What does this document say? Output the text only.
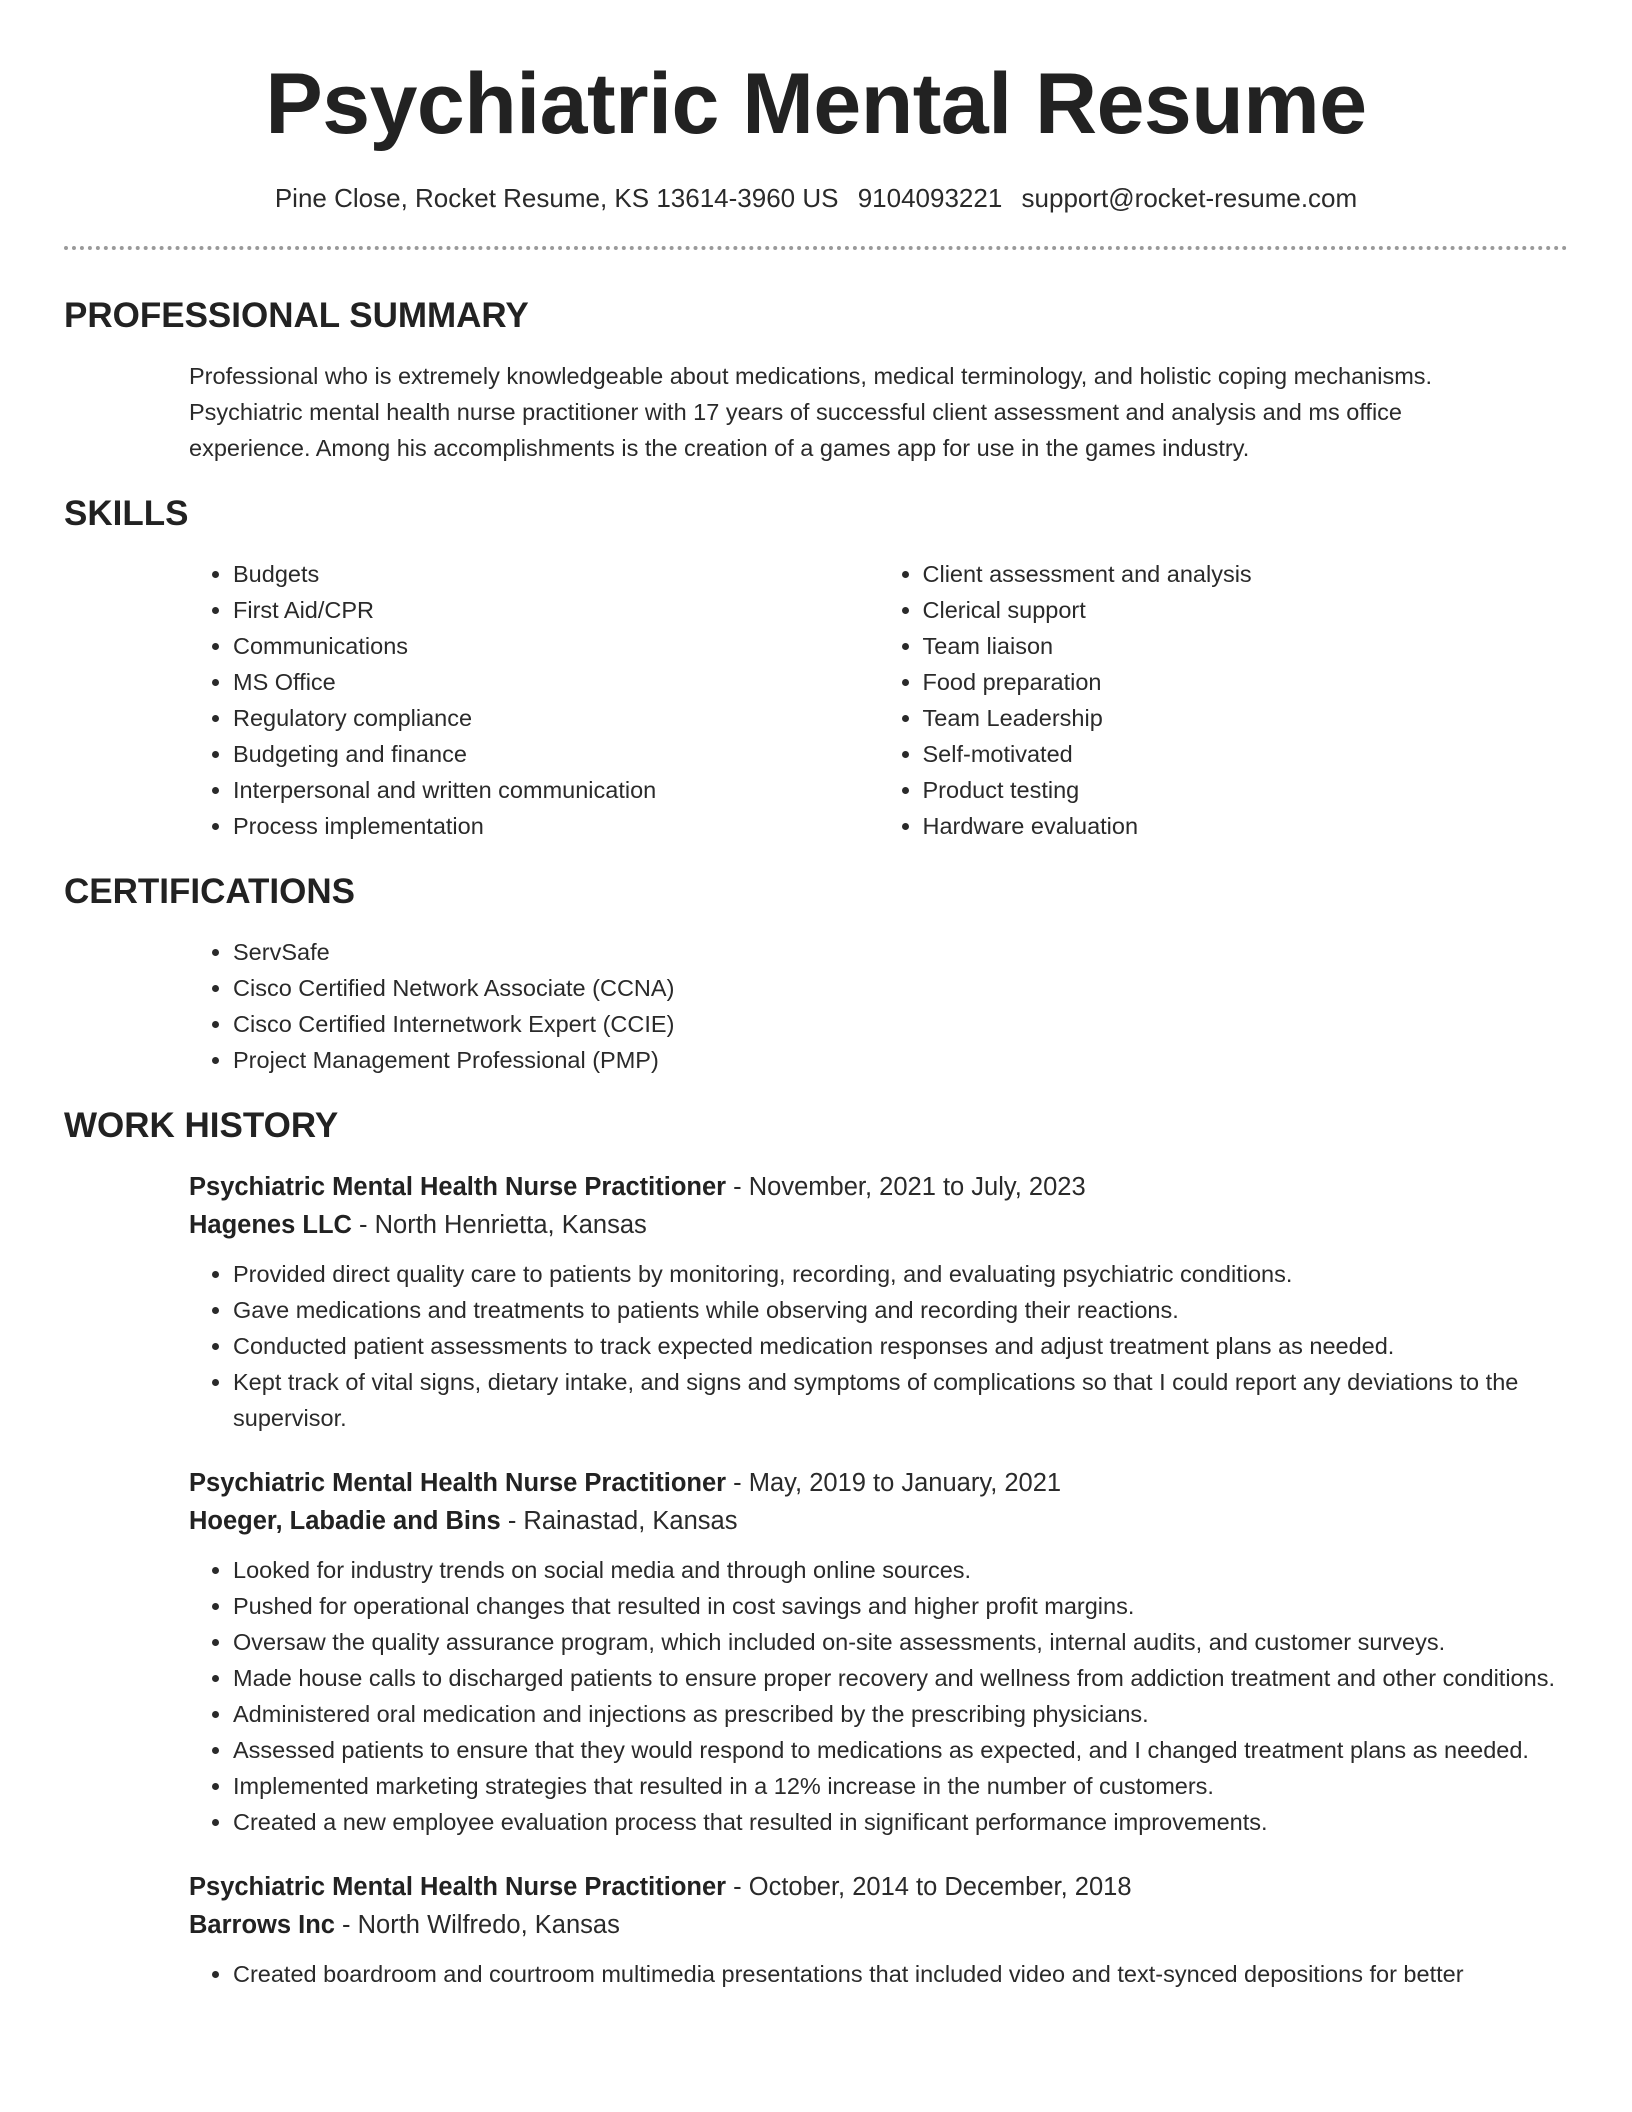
Psychiatric Mental Resume
Pine Close, Rocket Resume, KS 13614-3960 US 9104093221 support@rocket-resume.com
PROFESSIONAL SUMMARY
Professional who is extremely knowledgeable about medications, medical terminology, and holistic coping mechanisms.
Psychiatric mental health nurse practitioner with 17 years of successful client assessment and analysis and ms office
experience. Among his accomplishments is the creation of a games app for use in the games industry.
SKILLS
• Budgets
• First Aid/CPR
• Communications
• MS Office
• Regulatory compliance
• Budgeting and finance
• Interpersonal and written communication
• Process implementation
• Client assessment and analysis
• Clerical support
• Team liaison
• Food preparation
• Team Leadership
• Self-motivated
• Product testing
• Hardware evaluation
CERTIFICATIONS
• ServSafe
• Cisco Certified Network Associate (CCNA)
• Cisco Certified Internetwork Expert (CCIE)
• Project Management Professional (PMP)
WORK HISTORY
Psychiatric Mental Health Nurse Practitioner - November, 2021 to July, 2023
Hagenes LLC - North Henrietta, Kansas
• Provided direct quality care to patients by monitoring, recording, and evaluating psychiatric conditions.
• Gave medications and treatments to patients while observing and recording their reactions.
• Conducted patient assessments to track expected medication responses and adjust treatment plans as needed.
• Kept track of vital signs, dietary intake, and signs and symptoms of complications so that I could report any deviations to the supervisor.
Psychiatric Mental Health Nurse Practitioner - May, 2019 to January, 2021
Hoeger, Labadie and Bins - Rainastad, Kansas
• Looked for industry trends on social media and through online sources.
• Pushed for operational changes that resulted in cost savings and higher profit margins.
• Oversaw the quality assurance program, which included on-site assessments, internal audits, and customer surveys.
• Made house calls to discharged patients to ensure proper recovery and wellness from addiction treatment and other conditions.
• Administered oral medication and injections as prescribed by the prescribing physicians.
• Assessed patients to ensure that they would respond to medications as expected, and I changed treatment plans as needed.
• Implemented marketing strategies that resulted in a 12% increase in the number of customers.
• Created a new employee evaluation process that resulted in significant performance improvements.
Psychiatric Mental Health Nurse Practitioner - October, 2014 to December, 2018
Barrows Inc - North Wilfredo, Kansas
• Created boardroom and courtroom multimedia presentations that included video and text-synced depositions for better
